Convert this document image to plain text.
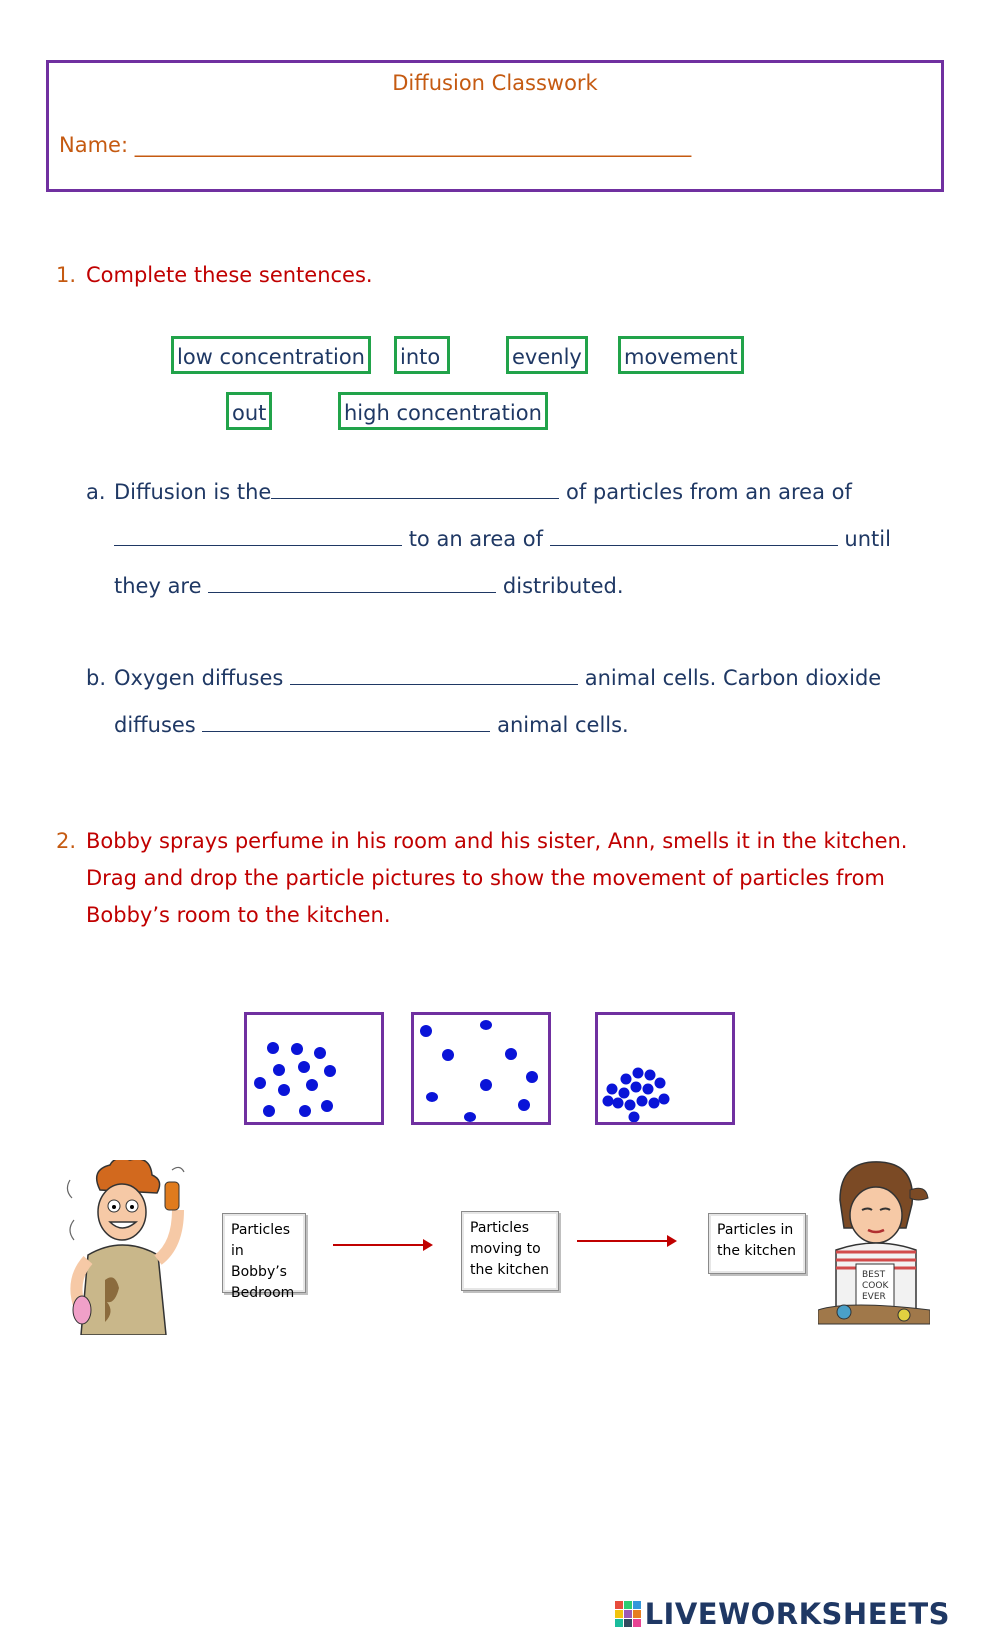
Diffusion Classwork
Name: _____________________________________________________
1. Complete these sentences.
low concentration into	evenly movement
out	high concentration
a. Diffusion is the	of particles from an area of
to an area of	until
they are	distributed.
b. Oxygen diffuses	animal cells. Carbon dioxide
diffuses	animal cells.
2. Bobby sprays perfume in his room and his sister, Ann, smells it in the kitchen.
Drag and drop the particle pictures to show the movement of particles from
Bobby’s room to the kitchen.
Particles
in Bobby’s
Bedroom
Particles
moving to
the kitchen
Particles in
the kitchen
BEST
COOK
EVER
LIVEWORKSHEETS
